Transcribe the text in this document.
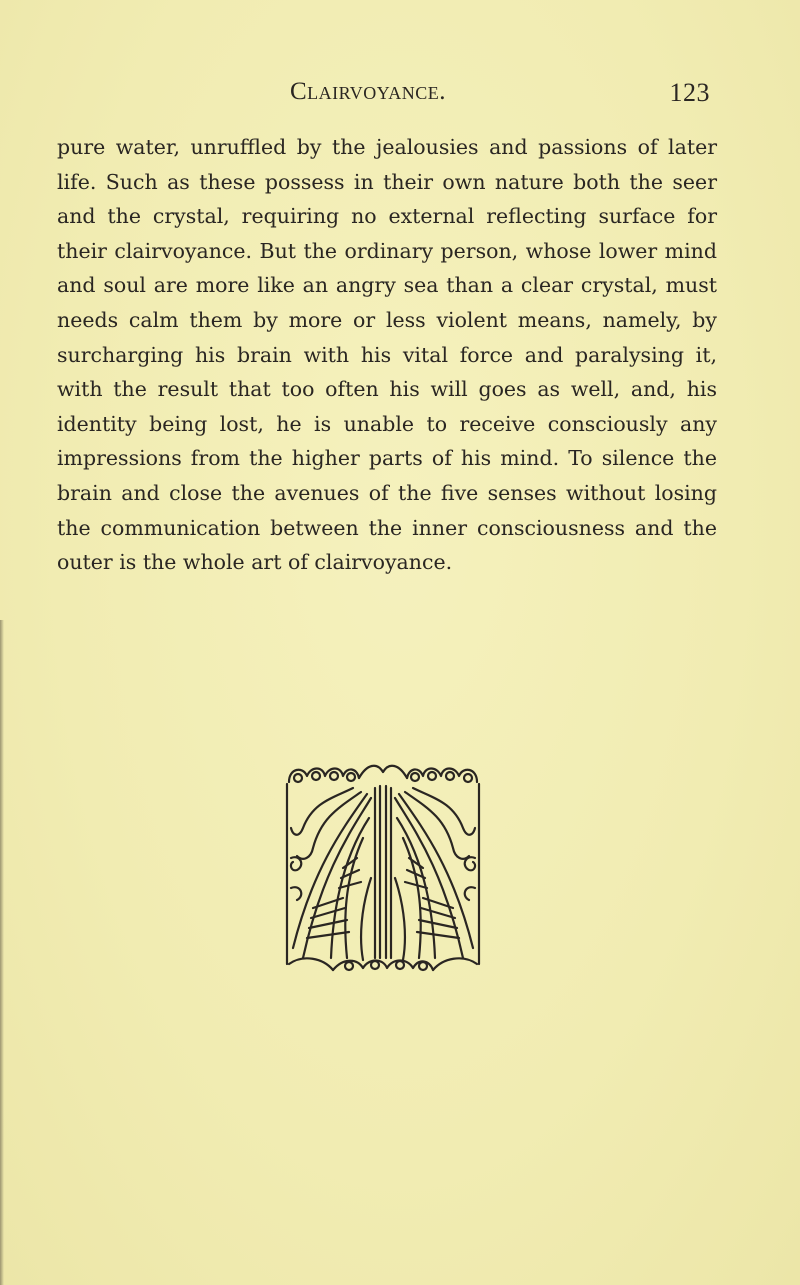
Clairvoyance.	123

pure water, unruffled by the jealousies and passions of later life. Such as these possess in their own nature both the seer and the crystal, requiring no external reflecting surface for their clairvoyance. But the ordinary person, whose lower mind and soul are more like an angry sea than a clear crystal, must needs calm them by more or less violent means, namely, by surcharging his brain with his vital force and paralysing it, with the result that too often his will goes as well, and, his identity being lost, he is unable to receive consciously any impressions from the higher parts of his mind. To silence the brain and close the avenues of the five senses without losing the communication between the inner consciousness and the outer is the whole art of clairvoyance.
